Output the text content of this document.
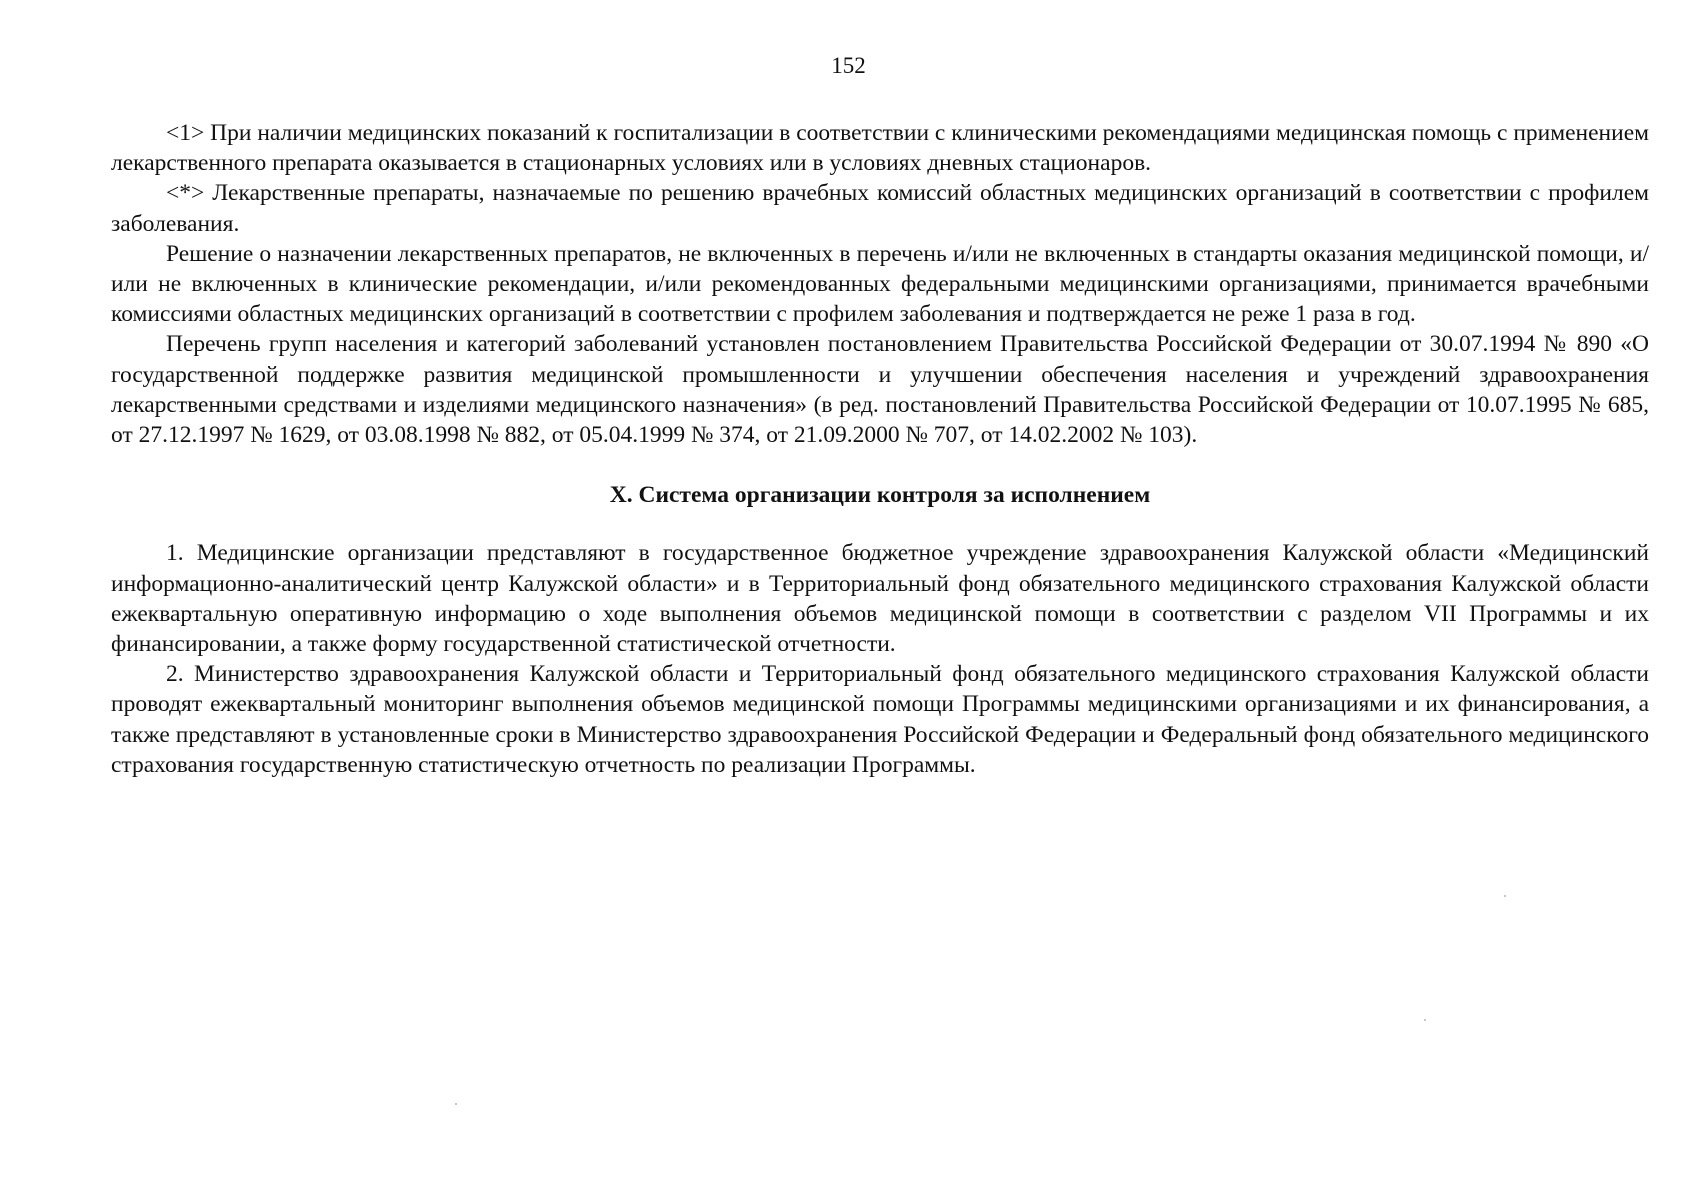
152

<1> При наличии медицинских показаний к госпитализации в соответствии с клиническими рекомендациями медицинская помощь с применением лекарственного препарата оказывается в стационарных условиях или в условиях дневных стационаров.

<*> Лекарственные препараты, назначаемые по решению врачебных комиссий областных медицинских организаций в соответствии с профилем заболевания.

Решение о назначении лекарственных препаратов, не включенных в перечень и/или не включенных в стандарты оказания медицинской помощи, и/или не включенных в клинические рекомендации, и/или рекомендованных федеральными медицинскими организациями, принимается врачебными комиссиями областных медицинских организаций в соответствии с профилем заболевания и подтверждается не реже 1 раза в год.

Перечень групп населения и категорий заболеваний установлен постановлением Правительства Российской Федерации от 30.07.1994 № 890 «О государственной поддержке развития медицинской промышленности и улучшении обеспечения населения и учреждений здравоохранения лекарственными средствами и изделиями медицинского назначения» (в ред. постановлений Правительства Российской Федерации от 10.07.1995 № 685, от 27.12.1997 № 1629, от 03.08.1998 № 882, от 05.04.1999 № 374, от 21.09.2000 № 707, от 14.02.2002 № 103).

X. Система организации контроля за исполнением

1. Медицинские организации представляют в государственное бюджетное учреждение здравоохранения Калужской области «Медицинский информационно-аналитический центр Калужской области» и в Территориальный фонд обязательного медицинского страхования Калужской области ежеквартальную оперативную информацию о ходе выполнения объемов медицинской помощи в соответствии с разделом VII Программы и их финансировании, а также форму государственной статистической отчетности.

2. Министерство здравоохранения Калужской области и Территориальный фонд обязательного медицинского страхования Калужской области проводят ежеквартальный мониторинг выполнения объемов медицинской помощи Программы медицинскими организациями и их финансирования, а также представляют в установленные сроки в Министерство здравоохранения Российской Федерации и Федеральный фонд обязательного медицинского страхования государственную статистическую отчетность по реализации Программы.
